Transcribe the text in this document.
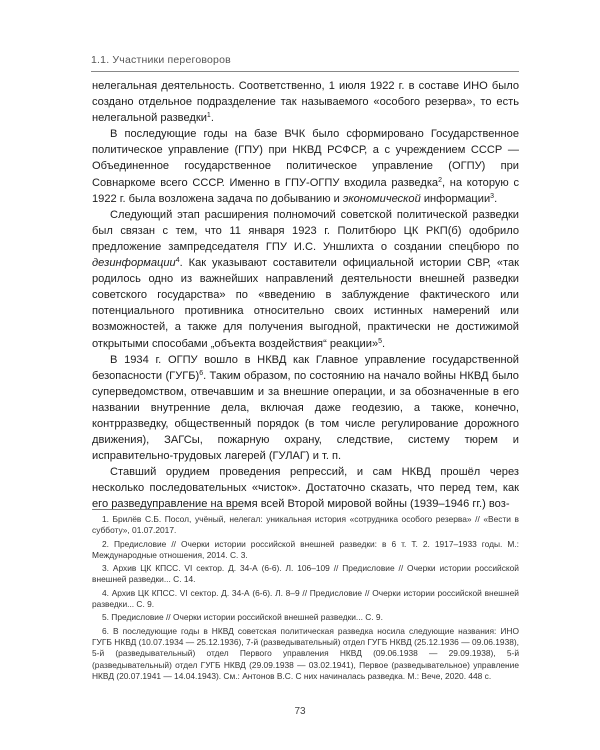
1.1. Участники переговоров

нелегальная деятельность. Соответственно, 1 июля 1922 г. в составе ИНО было создано отдельное подразделение так называемого «особого резерва», то есть нелегальной разведки$^1$.

В последующие годы на базе ВЧК было сформировано Государственное политическое управление (ГПУ) при НКВД РСФСР, а с учреждением СССР — Объединенное государственное политическое управление (ОГПУ) при Совнаркоме всего СССР. Именно в ГПУ-ОГПУ входила разведка$^2$, на которую с 1922 г. была возложена задача по добыванию и экономической информации$^3$.

Следующий этап расширения полномочий советской политической разведки был связан с тем, что 11 января 1923 г. Политбюро ЦК РКП(б) одобрило предложение зампредседателя ГПУ И.С. Уншлихта о создании спецбюро по дезинформации$^4$. Как указывают составители официальной истории СВР, «так родилось одно из важнейших направлений деятельности внешней разведки советского государства» по «введению в заблуждение фактического или потенциального противника относительно своих истинных намерений или возможностей, а также для получения выгодной, практически не достижимой открытыми способами „объекта воздействия“ реакции»$^5$.

В 1934 г. ОГПУ вошло в НКВД как Главное управление государственной безопасности (ГУГБ)$^6$. Таким образом, по состоянию на начало войны НКВД было суперведомством, отвечавшим и за внешние операции, и за обозначенные в его названии внутренние дела, включая даже геодезию, а также, конечно, контрразведку, общественный порядок (в том числе регулирование дорожного движения), ЗАГСы, пожарную охрану, следствие, систему тюрем и исправительно-трудовых лагерей (ГУЛАГ) и т. п.

Ставший орудием проведения репрессий, и сам НКВД прошёл через несколько последовательных «чисток». Достаточно сказать, что перед тем, как его разведуправление на время всей Второй мировой войны (1939–1946 гг.) воз-

1. Брилёв С.Б. Посол, учёный, нелегал: уникальная история «сотрудника особого резерва» // «Вести в субботу», 01.07.2017.

2. Предисловие // Очерки истории российской внешней разведки: в 6 т. Т. 2. 1917–1933 годы. М.: Международные отношения, 2014. С. 3.

3. Архив ЦК КПСС. VI сектор. Д. 34-А (6-6). Л. 106–109 // Предисловие // Очерки истории российской внешней разведки... С. 14.

4. Архив ЦК КПСС. VI сектор. Д. 34-А (6-6). Л. 8–9 // Предисловие // Очерки истории российской внешней разведки... С. 9.

5. Предисловие // Очерки истории российской внешней разведки... С. 9.

6. В последующие годы в НКВД советская политическая разведка носила следующие названия: ИНО ГУГБ НКВД (10.07.1934 — 25.12.1936), 7-й (разведывательный) отдел ГУГБ НКВД (25.12.1936 — 09.06.1938), 5-й (разведывательный) отдел Первого управления НКВД (09.06.1938 — 29.09.1938), 5-й (разведывательный) отдел ГУГБ НКВД (29.09.1938 — 03.02.1941), Первое (разведывательное) управление НКВД (20.07.1941 — 14.04.1943). См.: Антонов В.С. С них начиналась разведка. М.: Вече, 2020. 448 с.

73
